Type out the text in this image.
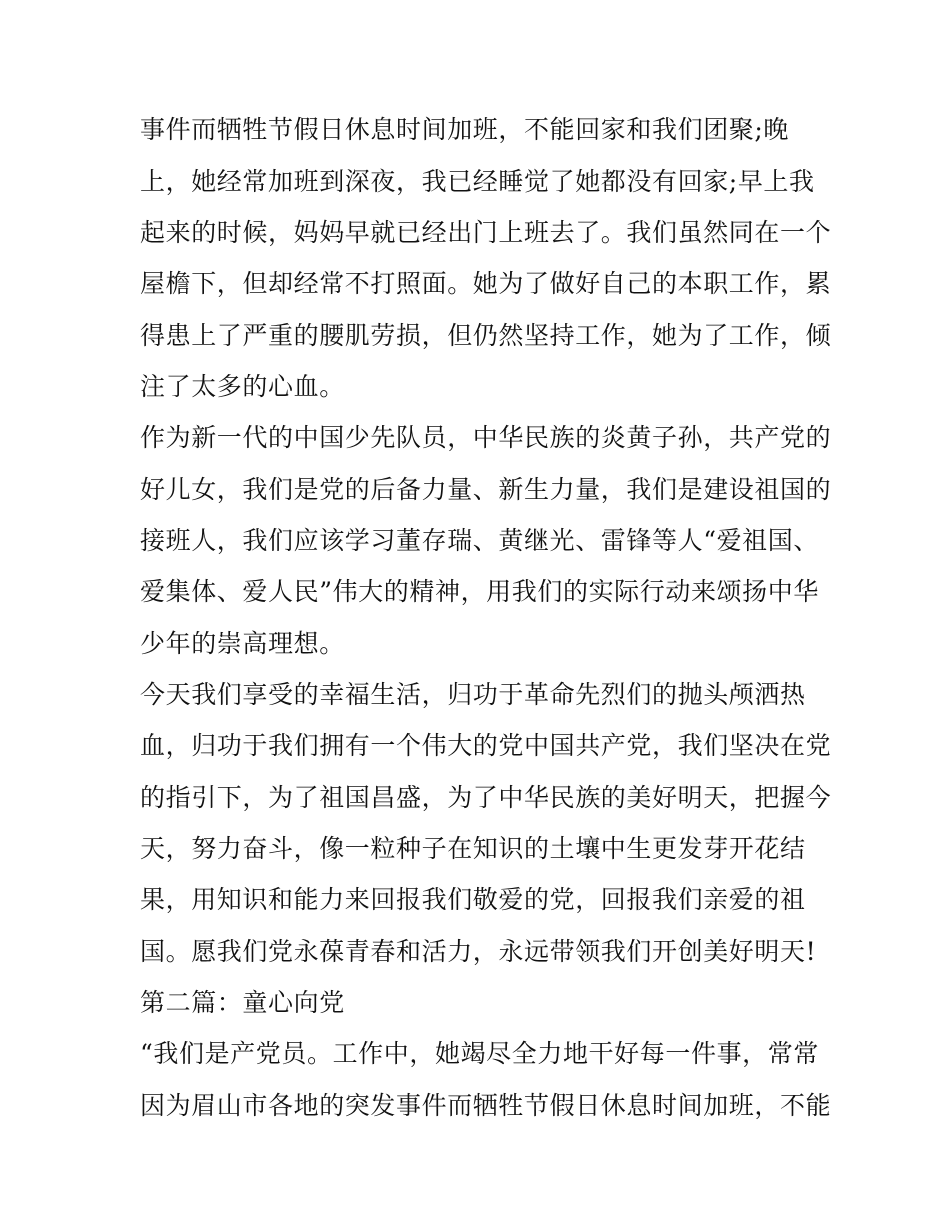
事件而牺牲节假日休息时间加班，不能回家和我们团聚;晚
上，她经常加班到深夜，我已经睡觉了她都没有回家;早上我
起来的时候，妈妈早就已经出门上班去了。我们虽然同在一个
屋檐下，但却经常不打照面。她为了做好自己的本职工作，累
得患上了严重的腰肌劳损，但仍然坚持工作，她为了工作，倾
注了太多的心血。
作为新一代的中国少先队员，中华民族的炎黄子孙，共产党的
好儿女，我们是党的后备力量、新生力量，我们是建设祖国的
接班人，我们应该学习董存瑞、黄继光、雷锋等人“爱祖国、
爱集体、爱人民”伟大的精神，用我们的实际行动来颂扬中华
少年的崇高理想。
今天我们享受的幸福生活，归功于革命先烈们的抛头颅洒热
血，归功于我们拥有一个伟大的党中国共产党，我们坚决在党
的指引下，为了祖国昌盛，为了中华民族的美好明天，把握今
天，努力奋斗，像一粒种子在知识的土壤中生更发芽开花结
果，用知识和能力来回报我们敬爱的党，回报我们亲爱的祖
国。愿我们党永葆青春和活力，永远带领我们开创美好明天!
第二篇：童心向党
“我们是产党员。工作中，她竭尽全力地干好每一件事，常常
因为眉山市各地的突发事件而牺牲节假日休息时间加班，不能
